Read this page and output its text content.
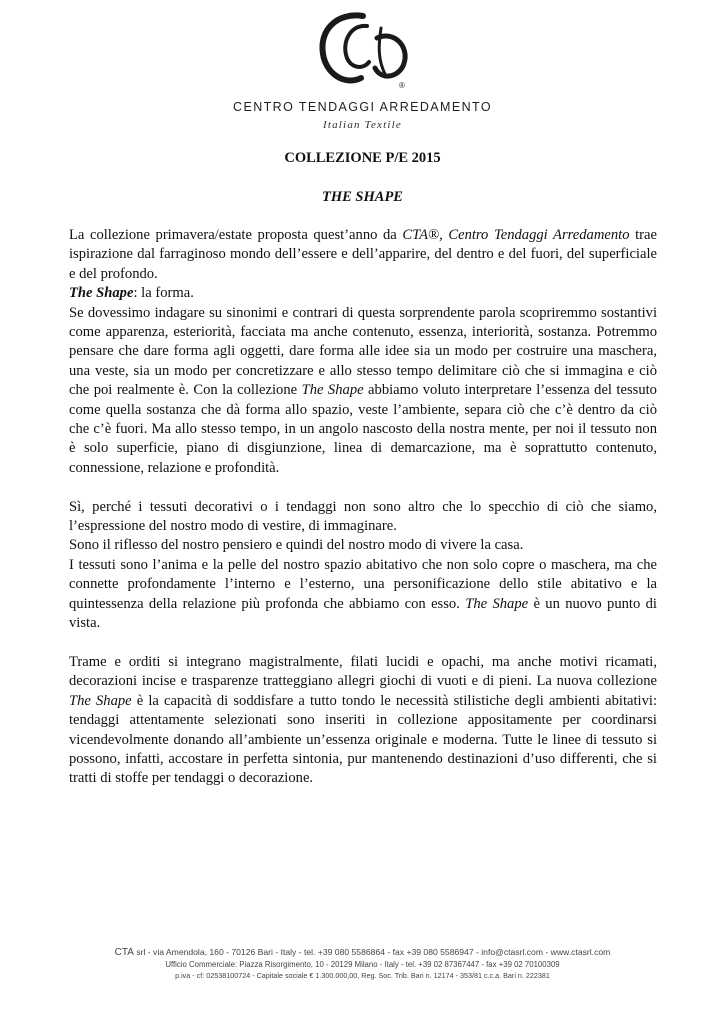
®
CENTRO TENDAGGI ARREDAMENTO
Italian Textile
COLLEZIONE P/E 2015
THE SHAPE

La collezione primavera/estate proposta quest’anno da CTA®, Centro Tendaggi Arredamento trae ispirazione dal farraginoso mondo dell’essere e dell’apparire, del dentro e del fuori, del superficiale e del profondo.

The Shape: la forma.

Se dovessimo indagare su sinonimi e contrari di questa sorprendente parola scopriremmo sostantivi come apparenza, esteriorità, facciata ma anche contenuto, essenza, interiorità, sostanza. Potremmo pensare che dare forma agli oggetti, dare forma alle idee sia un modo per costruire una maschera, una veste, sia un modo per concretizzare e allo stesso tempo delimitare ciò che si immagina e ciò che poi realmente è. Con la collezione The Shape abbiamo voluto interpretare l’essenza del tessuto come quella sostanza che dà forma allo spazio, veste l’ambiente, separa ciò che c’è dentro da ciò che c’è fuori. Ma allo stesso tempo, in un angolo nascosto della nostra mente, per noi il tessuto non è solo superficie, piano di disgiunzione, linea di demarcazione, ma è soprattutto contenuto, connessione, relazione e profondità.

Sì, perché i tessuti decorativi o i tendaggi non sono altro che lo specchio di ciò che siamo, l’espressione del nostro modo di vestire, di immaginare.

Sono il riflesso del nostro pensiero e quindi del nostro modo di vivere la casa.

I tessuti sono l’anima e la pelle del nostro spazio abitativo che non solo copre o maschera, ma che connette profondamente l’interno e l’esterno, una personificazione dello stile abitativo e la quintessenza della relazione più profonda che abbiamo con esso. The Shape è un nuovo punto di vista.

Trame e orditi si integrano magistralmente, filati lucidi e opachi, ma anche motivi ricamati, decorazioni incise e trasparenze tratteggiano allegri giochi di vuoti e di pieni. La nuova collezione The Shape è la capacità di soddisfare a tutto tondo le necessità stilistiche degli ambienti abitativi: tendaggi attentamente selezionati sono inseriti in collezione appositamente per coordinarsi vicendevolmente donando all’ambiente un’essenza originale e moderna. Tutte le linee di tessuto si possono, infatti, accostare in perfetta sintonia, pur mantenendo destinazioni d’uso differenti, che si tratti di stoffe per tendaggi o decorazione.

CTA srl - via Amendola, 160 - 70126 Bari - Italy - tel. +39 080 5586864 - fax +39 080 5586947 - info@ctasrl.com - www.ctasrl.com
Ufficio Commerciale: Piazza Risorgimento, 10 - 20129 Milano - Italy - tel. +39 02 87367447 - fax +39 02 70100309
p.iva - cf: 02538100724 - Capitale sociale € 1.300.000,00, Reg. Soc. Trib. Bari n. 12174 - 353/81 c.c.a. Bari n. 222381
